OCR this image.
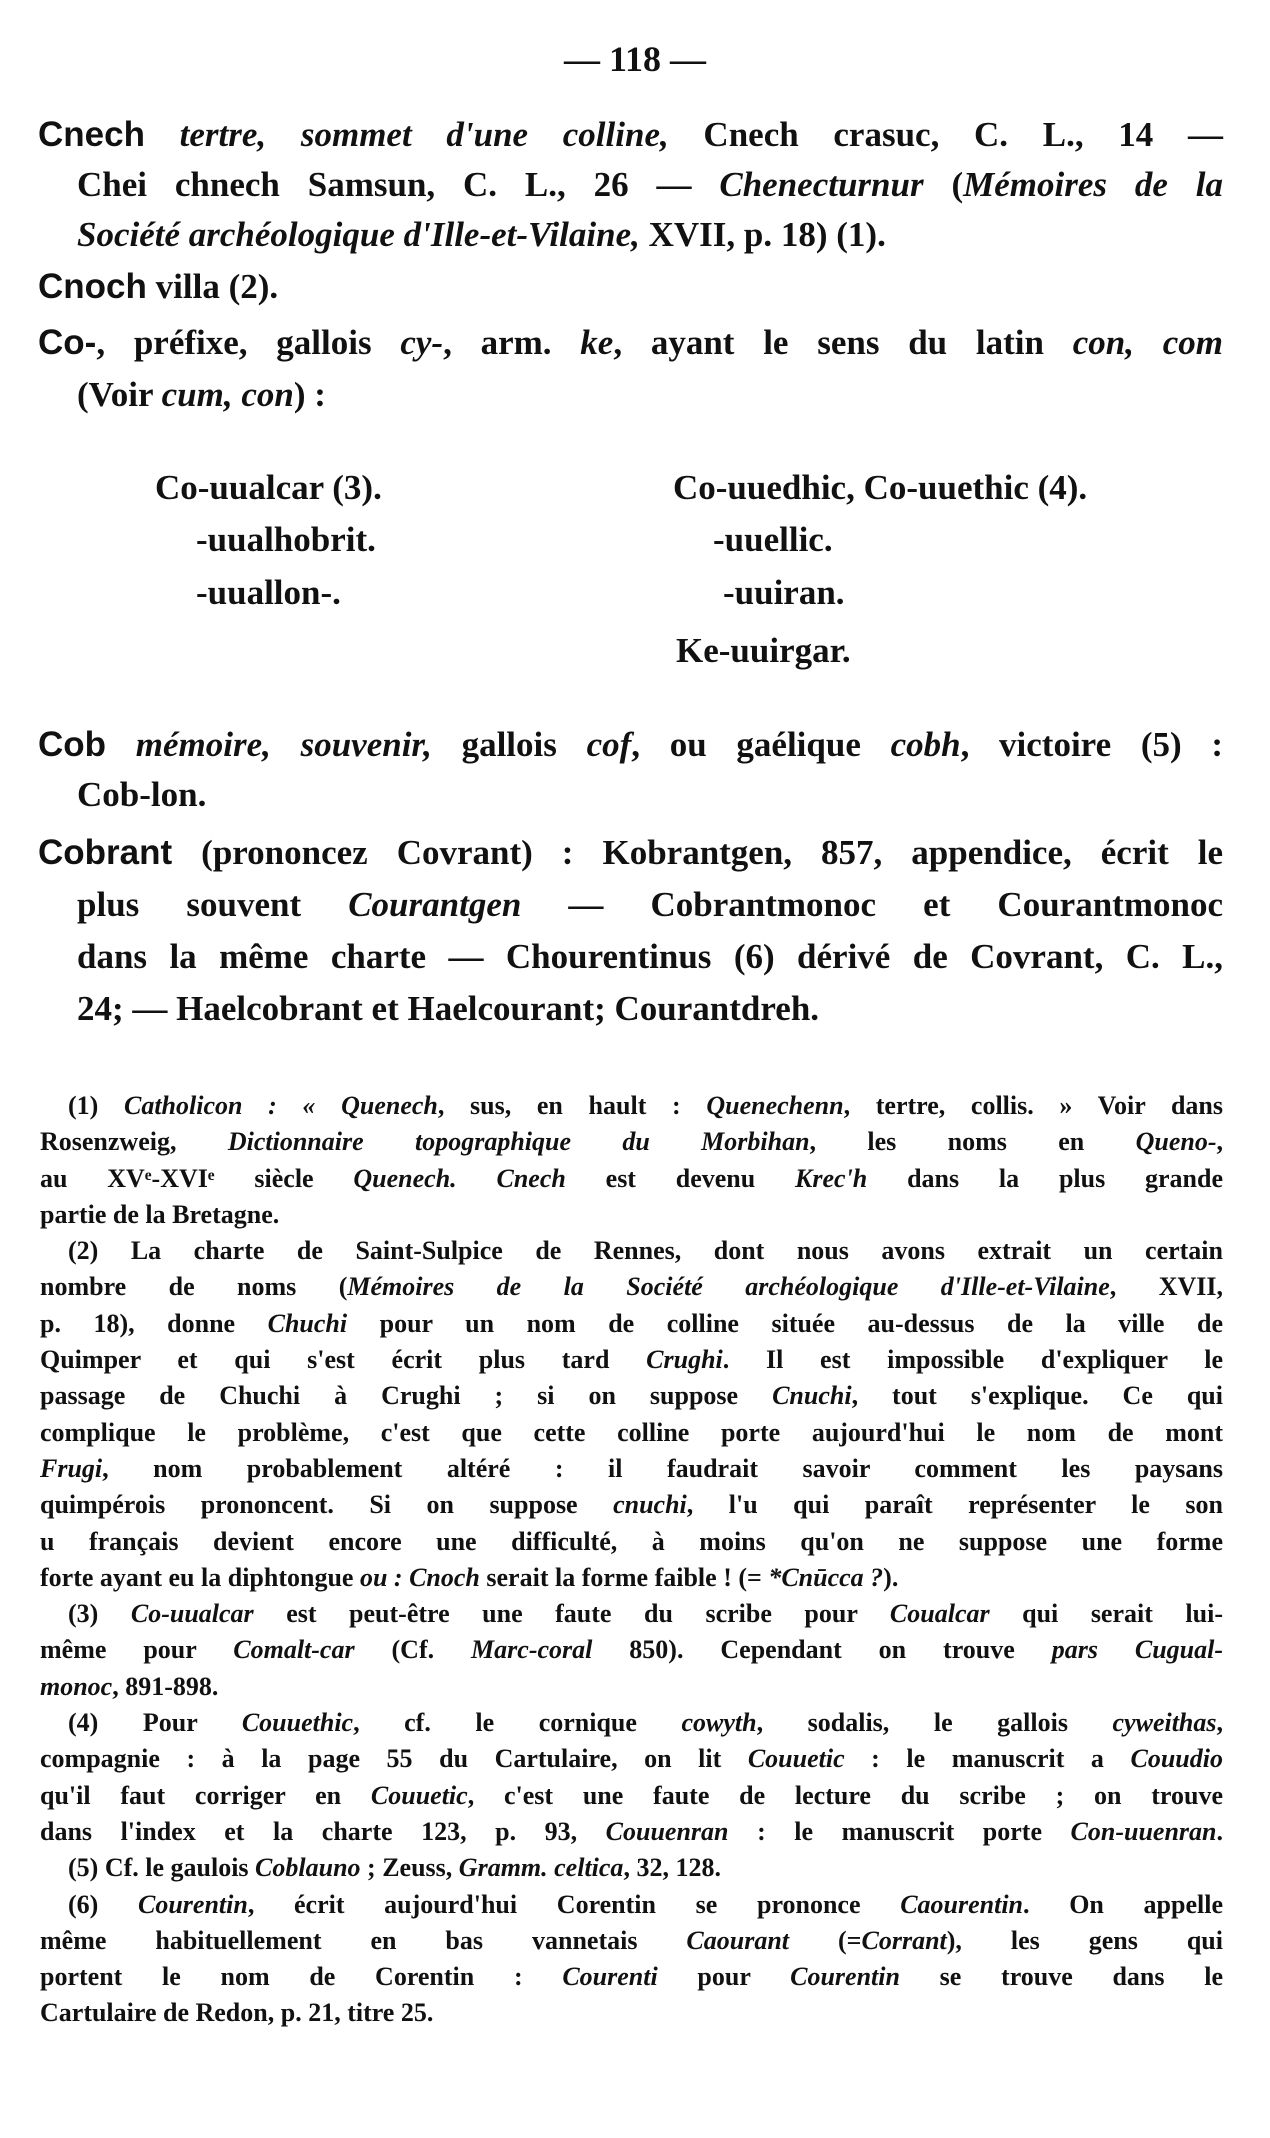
— 118 —
Cnech tertre, sommet d'une colline, Cnech crasuc, C. L., 14 —
Chei chnech Samsun, C. L., 26 — Chenecturnur (Mémoires de la
Société archéologique d'Ille-et-Vilaine, XVII, p. 18) (1).
Cnoch villa (2).
Co-, préfixe, gallois cy-, arm. ke, ayant le sens du latin con, com
(Voir cum, con) :
Cob mémoire, souvenir, gallois cof, ou gaélique cobh, victoire (5) :
Cob-lon.
Cobrant (prononcez Covrant) : Kobrantgen, 857, appendice, écrit le
plus souvent Courantgen — Cobrantmonoc et Courantmonoc
dans la même charte — Chourentinus (6) dérivé de Covrant, C. L.,
24; — Haelcobrant et Haelcourant; Courantdreh.
Co-uualcar (3).
-uualhobrit.
-uuallon-.
Co-uuedhic, Co-uuethic (4).
-uuellic.
-uuiran.
Ke-uuirgar.
(1) Catholicon : « Quenech, sus, en hault : Quenechenn, tertre, collis. » Voir dans
Rosenzweig, Dictionnaire topographique du Morbihan, les noms en Queno-,
au XVᵉ-XVIᵉ siècle Quenech. Cnech est devenu Krec'h dans la plus grande
partie de la Bretagne.
(2) La charte de Saint-Sulpice de Rennes, dont nous avons extrait un certain
nombre de noms (Mémoires de la Société archéologique d'Ille-et-Vilaine, XVII,
p. 18), donne Chuchi pour un nom de colline située au-dessus de la ville de
Quimper et qui s'est écrit plus tard Crughi. Il est impossible d'expliquer le
passage de Chuchi à Crughi ; si on suppose Cnuchi, tout s'explique. Ce qui
complique le problème, c'est que cette colline porte aujourd'hui le nom de mont
Frugi, nom probablement altéré : il faudrait savoir comment les paysans
quimpérois prononcent. Si on suppose cnuchi, l'u qui paraît représenter le son
u français devient encore une difficulté, à moins qu'on ne suppose une forme
forte ayant eu la diphtongue ou : Cnoch serait la forme faible ! (= *Cnūcca ?).
(3) Co-uualcar est peut-être une faute du scribe pour Coualcar qui serait lui-
même pour Comalt-car (Cf. Marc-coral 850). Cependant on trouve pars Cugual-
monoc, 891-898.
(4) Pour Couuethic, cf. le cornique cowyth, sodalis, le gallois cyweithas,
compagnie : à la page 55 du Cartulaire, on lit Couuetic : le manuscrit a Couudio
qu'il faut corriger en Couuetic, c'est une faute de lecture du scribe ; on trouve
dans l'index et la charte 123, p. 93, Couuenran : le manuscrit porte Con-uuenran.
(5) Cf. le gaulois Coblauno ; Zeuss, Gramm. celtica, 32, 128.
(6) Courentin, écrit aujourd'hui Corentin se prononce Caourentin. On appelle
même habituellement en bas vannetais Caourant (=Corrant), les gens qui
portent le nom de Corentin : Courenti pour Courentin se trouve dans le
Cartulaire de Redon, p. 21, titre 25.
